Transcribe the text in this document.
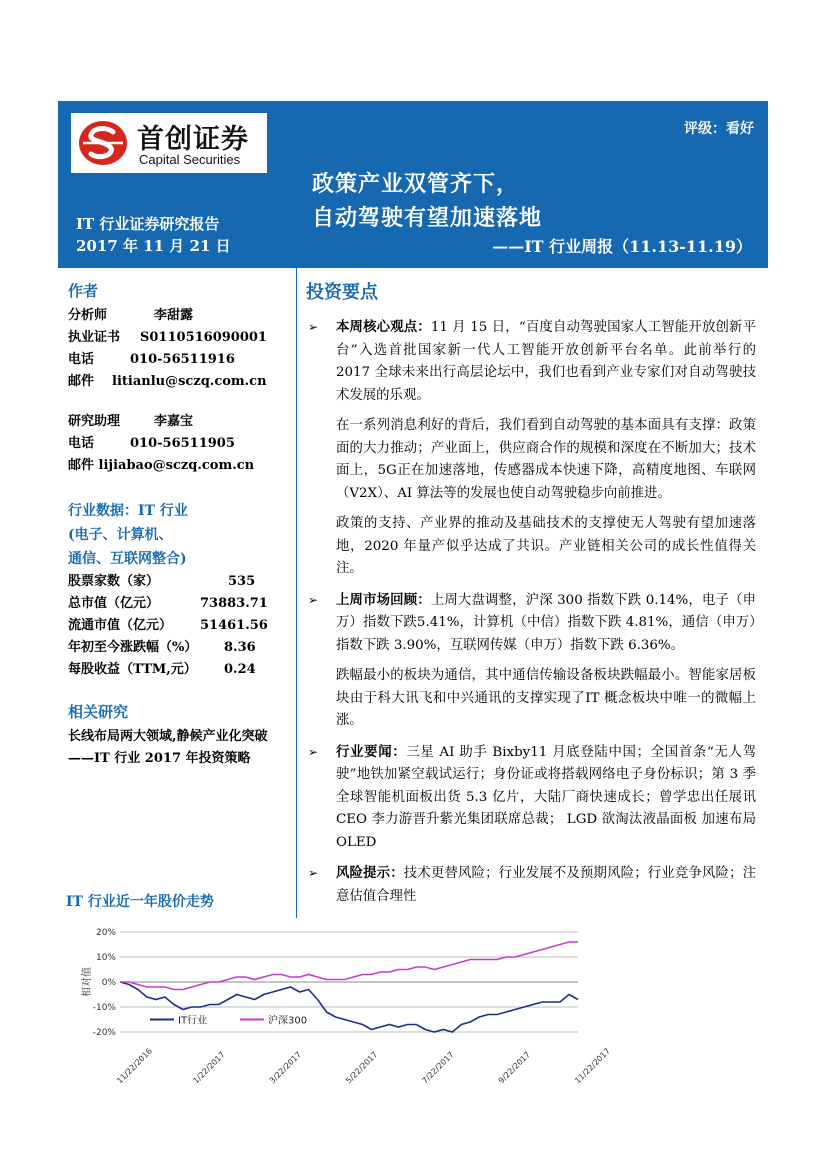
首创证券
Capital Securities
评级：看好
政策产业双管齐下，
自动驾驶有望加速落地
IT 行业证券研究报告
2017 年 11 月 21 日	——IT 行业周报（11.13-11.19）
作者
分析师	李甜露
执业证书 S0110516090001
电话	010-56511916
邮件 litianlu@sczq.com.cn
研究助理	李嘉宝
电话	010-56511905
邮件 lijiabao@sczq.com.cn
行业数据：IT 行业
(电子、计算机、
通信、互联网整合)
股票家数（家）	535
总市值（亿元）	73883.71
流通市值（亿元） 51461.56
年初至今涨跌幅（%） 8.36
每股收益（TTM,元） 0.24
相关研究
长线布局两大领域,静候产业化突破 ——IT 行业 2017 年投资策略
投资要点
➢ 本周核心观点：11 月 15 日，“百度自动驾驶国家人工智能开放创新平台”入选首批国家新一代人工智能开放创新平台名单。此前举行的 2017 全球未来出行高层论坛中，我们也看到产业专家们对自动驾驶技术发展的乐观。
在一系列消息利好的背后，我们看到自动驾驶的基本面具有支撑：政策面的大力推动；产业面上，供应商合作的规模和深度在不断加大；技术面上，5G正在加速落地，传感器成本快速下降，高精度地图、车联网（V2X）、AI 算法等的发展也使自动驾驶稳步向前推进。
政策的支持、产业界的推动及基础技术的支撑使无人驾驶有望加速落地，2020 年量产似乎达成了共识。产业链相关公司的成长性值得关注。
➢ 上周市场回顾：上周大盘调整，沪深 300 指数下跌 0.14%，电子（申万）指数下跌5.41%，计算机（中信）指数下跌 4.81%，通信（申万）指数下跌 3.90%，互联网传媒（申万）指数下跌 6.36%。
跌幅最小的板块为通信，其中通信传输设备板块跌幅最小。智能家居板块由于科大讯飞和中兴通讯的支撑实现了IT 概念板块中唯一的微幅上涨。
➢ 行业要闻：三星 AI 助手 Bixby11 月底登陆中国；全国首条“无人驾驶”地铁加紧空载试运行；身份证或将搭载网络电子身份标识；第 3 季全球智能机面板出货 5.3 亿片，大陆厂商快速成长；曾学忠出任展讯 CEO 李力游晋升紫光集团联席总裁； LGD 欲淘汰液晶面板 加速布局 OLED
➢ 风险提示：技术更替风险；行业发展不及预期风险；行业竞争风险；注意估值合理性
IT 行业近一年股价走势
20%
10%
0%
-10%
-20%
相对值
11/22/2016	1/22/2017	3/22/2017	5/22/2017	7/22/2017	9/22/2017	11/22/2017
IT行业	沪深300
